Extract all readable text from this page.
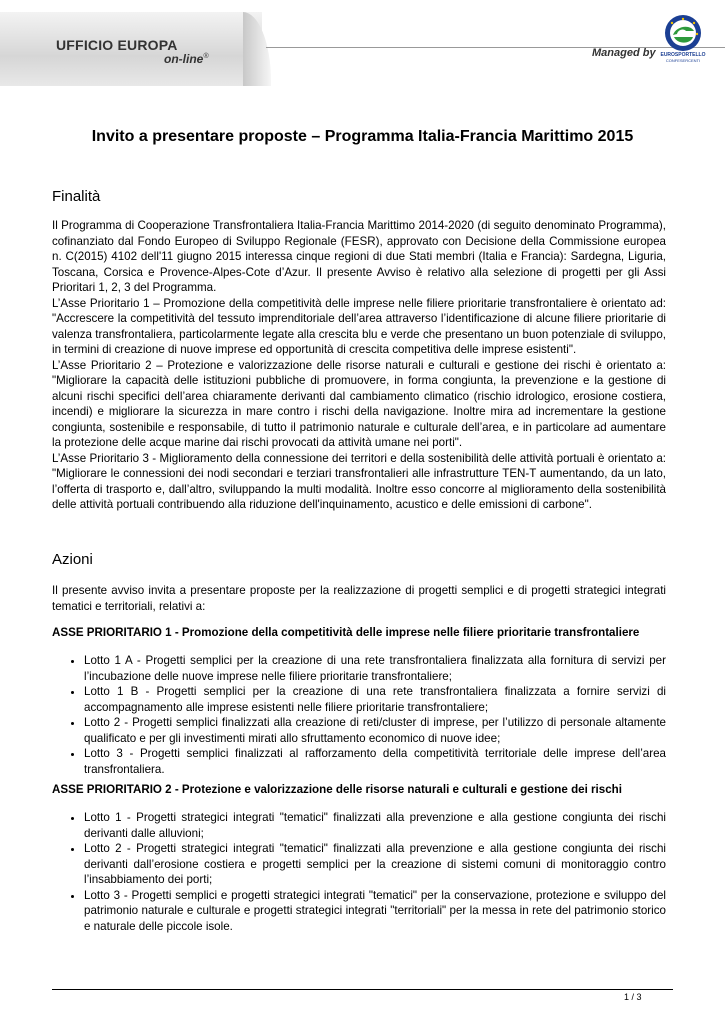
UFFICIO EUROPA
on-line®	Managed by EUROSPORTELLO
CONFESERCENTI
Invito a presentare proposte – Programma Italia-Francia Marittimo 2015
Finalità
Il Programma di Cooperazione Transfrontaliera Italia-Francia Marittimo 2014-2020 (di seguito denominato Programma), cofinanziato dal Fondo Europeo di Sviluppo Regionale (FESR), approvato con Decisione della Commissione europea n. C(2015) 4102 dell'11 giugno 2015 interessa cinque regioni di due Stati membri (Italia e Francia): Sardegna, Liguria, Toscana, Corsica e Provence-Alpes-Cote d’Azur. Il presente Avviso è relativo alla selezione di progetti per gli Assi Prioritari 1, 2, 3 del Programma.
L’Asse Prioritario 1 – Promozione della competitività delle imprese nelle filiere prioritarie transfrontaliere è orientato ad: "Accrescere la competitività del tessuto imprenditoriale dell’area attraverso l’identificazione di alcune filiere prioritarie di valenza transfrontaliera, particolarmente legate alla crescita blu e verde che presentano un buon potenziale di sviluppo, in termini di creazione di nuove imprese ed opportunità di crescita competitiva delle imprese esistenti".
L’Asse Prioritario 2 – Protezione e valorizzazione delle risorse naturali e culturali e gestione dei rischi è orientato a: "Migliorare la capacità delle istituzioni pubbliche di promuovere, in forma congiunta, la prevenzione e la gestione di alcuni rischi specifici dell’area chiaramente derivanti dal cambiamento climatico (rischio idrologico, erosione costiera, incendi) e migliorare la sicurezza in mare contro i rischi della navigazione. Inoltre mira ad incrementare la gestione congiunta, sostenibile e responsabile, di tutto il patrimonio naturale e culturale dell’area, e in particolare ad aumentare la protezione delle acque marine dai rischi provocati da attività umane nei porti".
L’Asse Prioritario 3 - Miglioramento della connessione dei territori e della sostenibilità delle attività portuali è orientato a: "Migliorare le connessioni dei nodi secondari e terziari transfrontalieri alle infrastrutture TEN-T aumentando, da un lato, l’offerta di trasporto e, dall’altro, sviluppando la multi modalità. Inoltre esso concorre al miglioramento della sostenibilità delle attività portuali contribuendo alla riduzione dell'inquinamento, acustico e delle emissioni di carbone".
Azioni
Il presente avviso invita a presentare proposte per la realizzazione di progetti semplici e di progetti strategici integrati tematici e territoriali, relativi a:
ASSE PRIORITARIO 1 - Promozione della competitività delle imprese nelle filiere prioritarie transfrontaliere
• Lotto 1 A - Progetti semplici per la creazione di una rete transfrontaliera finalizzata alla fornitura di servizi per l’incubazione delle nuove imprese nelle filiere prioritarie transfrontaliere;
• Lotto 1 B - Progetti semplici per la creazione di una rete transfrontaliera finalizzata a fornire servizi di accompagnamento alle imprese esistenti nelle filiere prioritarie transfrontaliere;
• Lotto 2 - Progetti semplici finalizzati alla creazione di reti/cluster di imprese, per l’utilizzo di personale altamente qualificato e per gli investimenti mirati allo sfruttamento economico di nuove idee;
• Lotto 3 - Progetti semplici finalizzati al rafforzamento della competitività territoriale delle imprese dell’area transfrontaliera.
ASSE PRIORITARIO 2 - Protezione e valorizzazione delle risorse naturali e culturali e gestione dei rischi
• Lotto 1 - Progetti strategici integrati "tematici" finalizzati alla prevenzione e alla gestione congiunta dei rischi derivanti dalle alluvioni;
• Lotto 2 - Progetti strategici integrati "tematici" finalizzati alla prevenzione e alla gestione congiunta dei rischi derivanti dall’erosione costiera e progetti semplici per la creazione di sistemi comuni di monitoraggio contro l’insabbiamento dei porti;
• Lotto 3 - Progetti semplici e progetti strategici integrati "tematici" per la conservazione, protezione e sviluppo del patrimonio naturale e culturale e progetti strategici integrati "territoriali" per la messa in rete del patrimonio storico e naturale delle piccole isole.
1 / 3
